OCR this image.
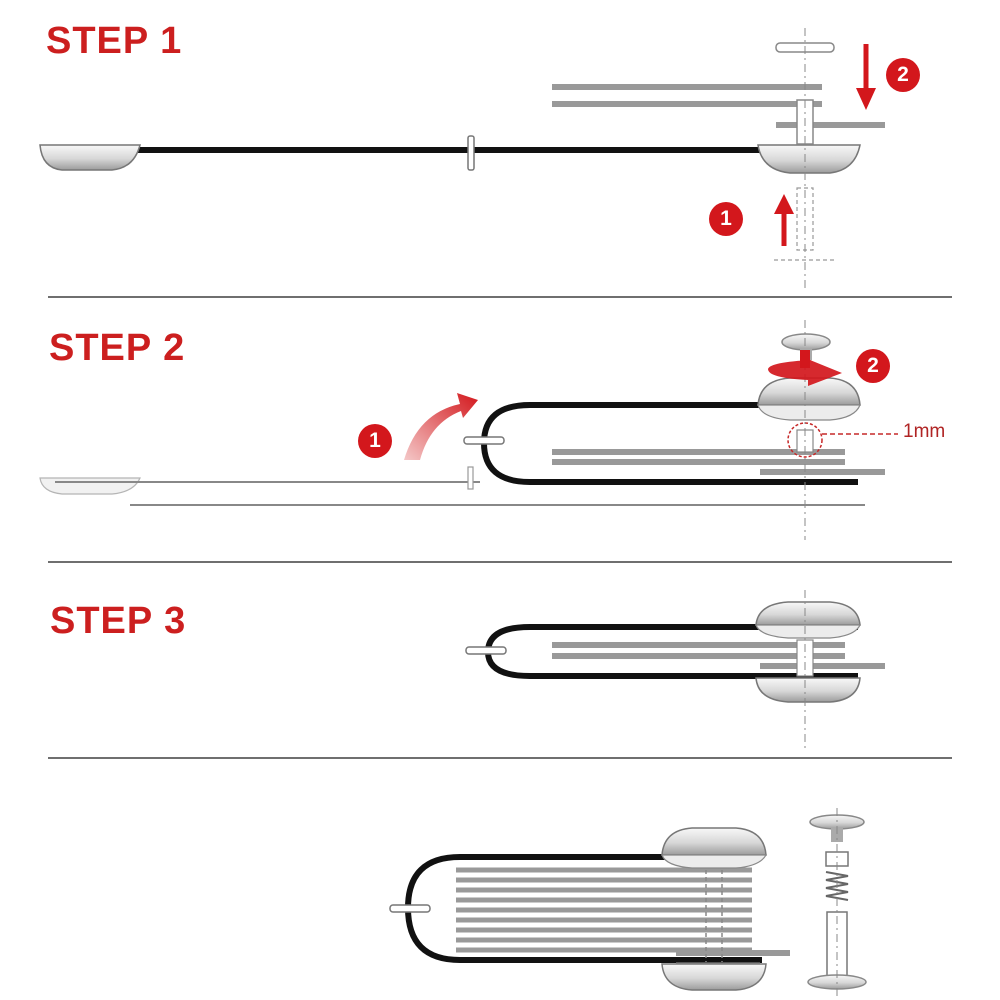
STEP 1
STEP 2
STEP 3
2
1
1
2
1mm
